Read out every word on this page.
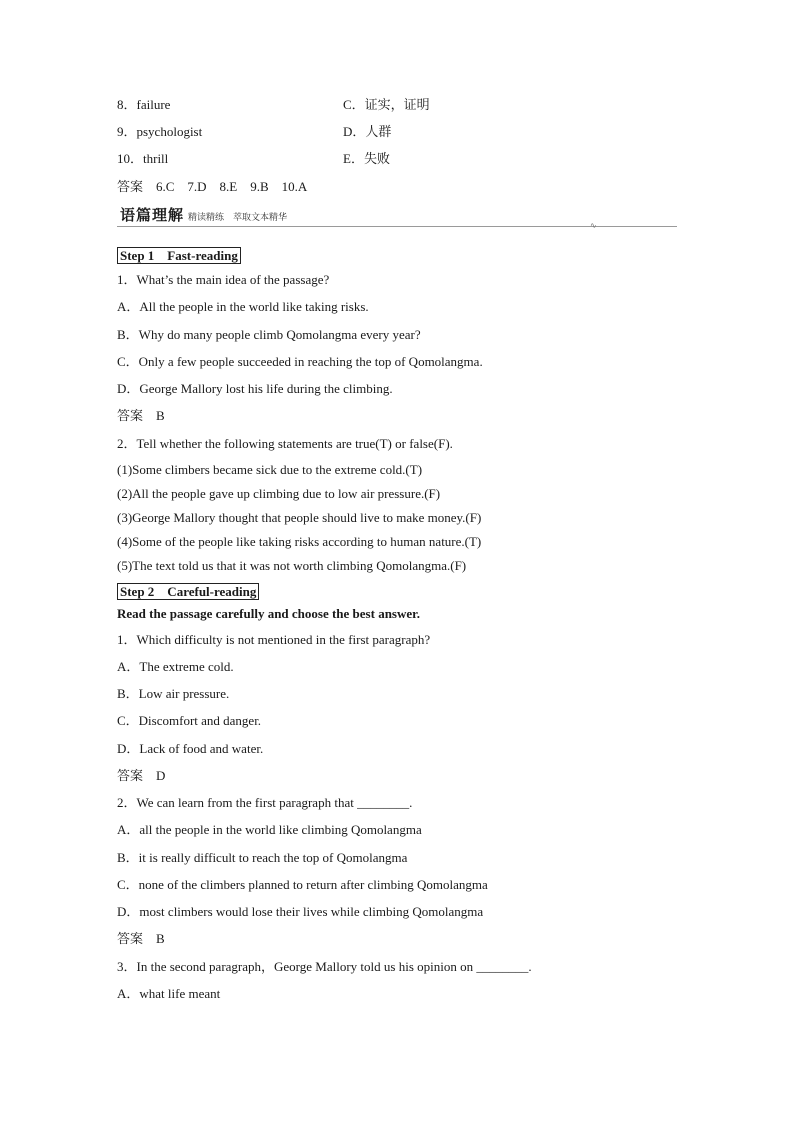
8．failure	C．证实，证明
9．psychologist	D．人群
10．thrill	E．失败
答案　6.C　7.D　8.E　9.B　10.A
语篇理解 精读精练　萃取文本精华
∿
Step 1　Fast-reading
1．What’s the main idea of the passage?
A．All the people in the world like taking risks.
B．Why do many people climb Qomolangma every year?
C．Only a few people succeeded in reaching the top of Qomolangma.
D．George Mallory lost his life during the climbing.
答案　B
2．Tell whether the following statements are true(T) or false(F).
(1)Some climbers became sick due to the extreme cold.(T)
(2)All the people gave up climbing due to low air pressure.(F)
(3)George Mallory thought that people should live to make money.(F)
(4)Some of the people like taking risks according to human nature.(T)
(5)The text told us that it was not worth climbing Qomolangma.(F)
Step 2　Careful-reading
Read the passage carefully and choose the best answer.
1．Which difficulty is not mentioned in the first paragraph?
A．The extreme cold.
B．Low air pressure.
C．Discomfort and danger.
D．Lack of food and water.
答案　D
2．We can learn from the first paragraph that ________.
A．all the people in the world like climbing Qomolangma
B．it is really difficult to reach the top of Qomolangma
C．none of the climbers planned to return after climbing Qomolangma
D．most climbers would lose their lives while climbing Qomolangma
答案　B
3．In the second paragraph，George Mallory told us his opinion on ________.
A．what life meant
